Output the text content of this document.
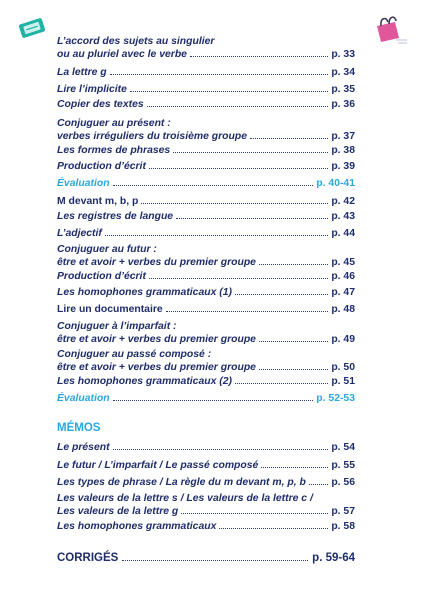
L’accord des sujets au singulier
ou au pluriel avec le verbe	p. 33
La lettre g	p. 34
Lire l’implicite	p. 35
Copier des textes	p. 36
Conjuguer au présent :
verbes irréguliers du troisième groupe	p. 37
Les formes de phrases	p. 38
Production d’écrit	p. 39
Évaluation	p. 40-41
M devant m, b, p	p. 42
Les registres de langue	p. 43
L’adjectif	p. 44
Conjuguer au futur :
être et avoir + verbes du premier groupe	p. 45
Production d’écrit	p. 46
Les homophones grammaticaux (1)	p. 47
Lire un documentaire	p. 48
Conjuguer à l’imparfait :
être et avoir + verbes du premier groupe	p. 49
Conjuguer au passé composé :
être et avoir + verbes du premier groupe	p. 50
Les homophones grammaticaux (2)	p. 51
Évaluation	p. 52-53
Le présent	p. 54
Le futur / L’imparfait / Le passé composé	p. 55
Les types de phrase / La règle du m devant m, p, b p. 56
Les valeurs de la lettre s / Les valeurs de la lettre c /
Les valeurs de la lettre g	p. 57
Les homophones grammaticaux	p. 58
MÉMOS
CORRIGÉS	p. 59-64
